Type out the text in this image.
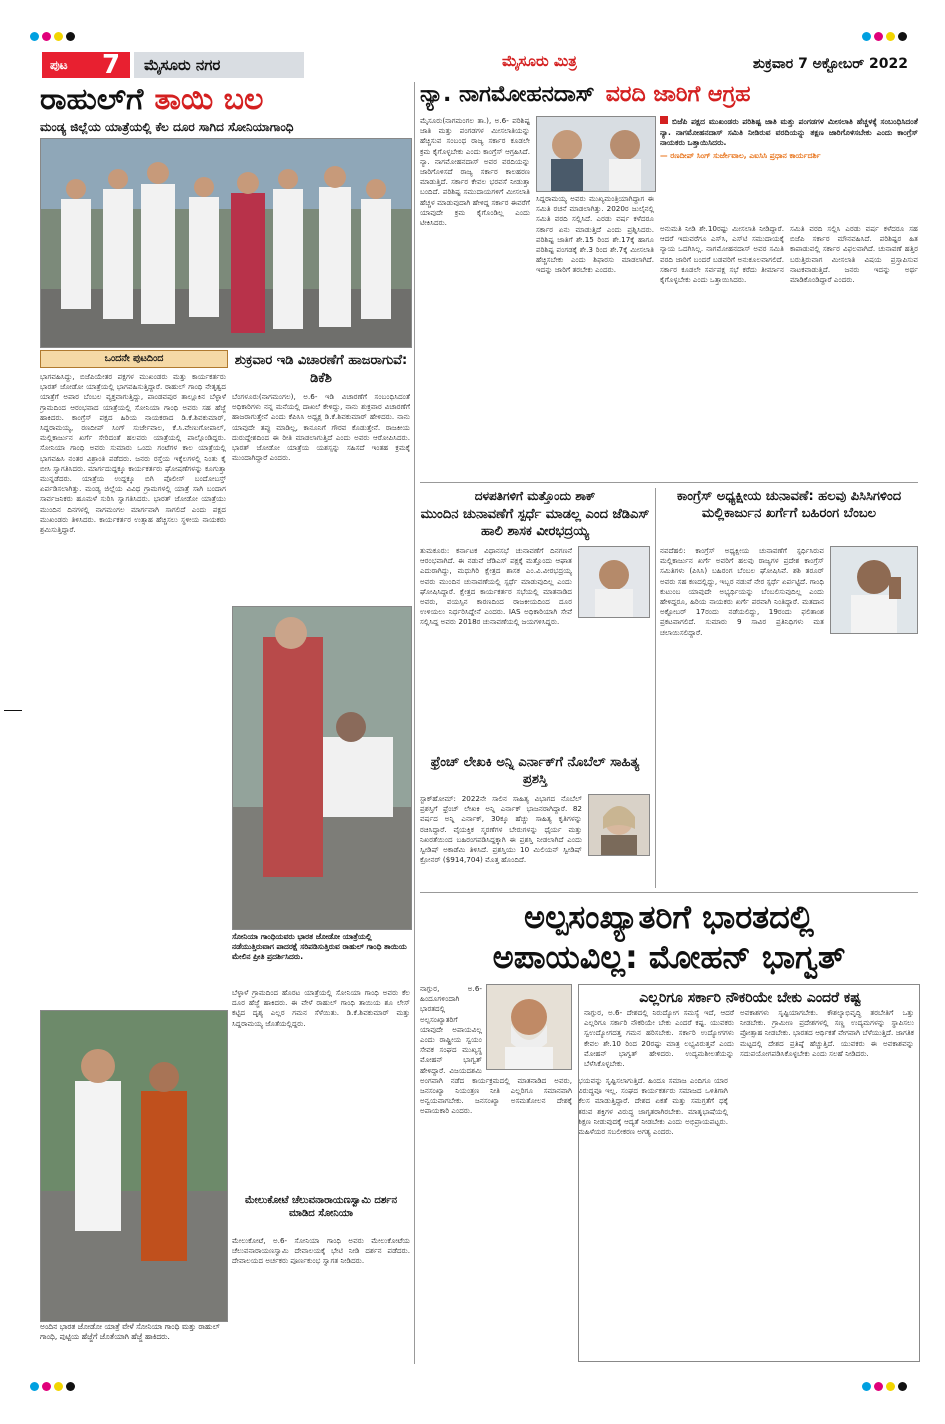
ಪುಟ 7 ಮೈಸೂರು ನಗರ	ಮೈಸೂರು ಮಿತ್ರ	ಶುಕ್ರವಾರ 7 ಅಕ್ಟೋಬರ್ 2022
ರಾಹುಲ್‌ಗೆ ತಾಯಿ ಬಲ
ಮಂಡ್ಯ ಜಿಲ್ಲೆಯ ಯಾತ್ರೆಯಲ್ಲಿ ಕೆಲ ದೂರ ಸಾಗಿದ ಸೋನಿಯಾಗಾಂಧಿ
ಒಂದನೇ ಪುಟದಿಂದ
ಭಾಗವಹಿಸಿದ್ದು, ಬಿಜೆಪಿಯೇತರ ಪಕ್ಷಗಳ ಮುಖಂಡರು ಮತ್ತು ಕಾರ್ಯಕರ್ತರು ಭಾರತ್ ಜೋಡೋ ಯಾತ್ರೆಯಲ್ಲಿ ಭಾಗವಹಿಸುತ್ತಿದ್ದಾರೆ. ರಾಹುಲ್ ಗಾಂಧಿ ನೇತೃತ್ವದ ಯಾತ್ರೆಗೆ ಅಪಾರ ಬೆಂಬಲ ವ್ಯಕ್ತವಾಗುತ್ತಿದ್ದು, ಪಾಂಡವಪುರ ತಾಲ್ಲೂಕಿನ ಬೆಳ್ಳಾಳೆ ಗ್ರಾಮದಿಂದ ಆರಂಭವಾದ ಯಾತ್ರೆಯಲ್ಲಿ ಸೋನಿಯಾ ಗಾಂಧಿ ಅವರು ಸಹ ಹೆಜ್ಜೆ ಹಾಕಿದರು. ಕಾಂಗ್ರೆಸ್ ಪಕ್ಷದ ಹಿರಿಯ ನಾಯಕರಾದ ಡಿ.ಕೆ.ಶಿವಕುಮಾರ್, ಸಿದ್ದರಾಮಯ್ಯ, ರಣದೀಪ್ ಸಿಂಗ್ ಸುರ್ಜೇವಾಲ, ಕೆ.ಸಿ.ವೇಣುಗೋಪಾಲ್, ಮಲ್ಲಿಕಾರ್ಜುನ ಖರ್ಗೆ ಸೇರಿದಂತೆ ಹಲವರು ಯಾತ್ರೆಯಲ್ಲಿ ಪಾಲ್ಗೊಂಡಿದ್ದರು. ಸೋನಿಯಾ ಗಾಂಧಿ ಅವರು ಸುಮಾರು ಒಂದು ಗಂಟೆಗಳ ಕಾಲ ಯಾತ್ರೆಯಲ್ಲಿ ಭಾಗವಹಿಸಿ ನಂತರ ವಿಶ್ರಾಂತಿ ಪಡೆದರು. ಜನರು ರಸ್ತೆಯ ಇಕ್ಕೆಲಗಳಲ್ಲಿ ನಿಂತು ಕೈ ಬೀಸಿ ಸ್ವಾಗತಿಸಿದರು. ಮಾರ್ಗದುದ್ದಕ್ಕೂ ಕಾರ್ಯಕರ್ತರು ಘೋಷಣೆಗಳನ್ನು ಕೂಗುತ್ತಾ ಮುನ್ನಡೆದರು. ಯಾತ್ರೆಯ ಉದ್ದಕ್ಕೂ ಬಿಗಿ ಪೊಲೀಸ್ ಬಂದೋಬಸ್ತ್ ಏರ್ಪಡಿಸಲಾಗಿತ್ತು. ಮಂಡ್ಯ ಜಿಲ್ಲೆಯ ವಿವಿಧ ಗ್ರಾಮಗಳಲ್ಲಿ ಯಾತ್ರೆ ಸಾಗಿ ಬಂದಾಗ ಸಾರ್ವಜನಿಕರು ಹೂಮಳೆ ಸುರಿಸಿ ಸ್ವಾಗತಿಸಿದರು. ಭಾರತ್ ಜೋಡೋ ಯಾತ್ರೆಯು ಮುಂದಿನ ದಿನಗಳಲ್ಲಿ ನಾಗಮಂಗಲ ಮಾರ್ಗವಾಗಿ ಸಾಗಲಿದೆ ಎಂದು ಪಕ್ಷದ ಮುಖಂಡರು ತಿಳಿಸಿದರು. ಕಾರ್ಯಕರ್ತರ ಉತ್ಸಾಹ ಹೆಚ್ಚಿಸಲು ಸ್ಥಳೀಯ ನಾಯಕರು ಶ್ರಮಿಸುತ್ತಿದ್ದಾರೆ.
ಅಂದಿನ ಭಾರತ ಜೋಡೋ ಯಾತ್ರೆ ವೇಳೆ ಸೋನಿಯಾ ಗಾಂಧಿ ಮತ್ತು ರಾಹುಲ್ ಗಾಂಧಿ, ಪುಟ್ಟಿಯ ಹೆಜ್ಜೆಗೆ ಜೊತೆಯಾಗಿ ಹೆಜ್ಜೆ ಹಾಕಿದರು.
ಶುಕ್ರವಾರ ಇಡಿ ವಿಚಾರಣೆಗೆ ಹಾಜರಾಗುವೆ: ಡಿಕೆಶಿ
ಬೆಂಗಳೂರು(ನಾಗಮಂಗಲ), ಅ.6- ಇಡಿ ವಿಚಾರಣೆಗೆ ಸಂಬಂಧಿಸಿದಂತೆ ಅಧಿಕಾರಿಗಳು ನನ್ನ ಮನೆಯಲ್ಲಿ ದಾಖಲೆ ಕೇಳಿದ್ದು, ನಾನು ಶುಕ್ರವಾರ ವಿಚಾರಣೆಗೆ ಹಾಜರಾಗುತ್ತೇನೆ ಎಂದು ಕೆಪಿಸಿಸಿ ಅಧ್ಯಕ್ಷ ಡಿ.ಕೆ.ಶಿವಕುಮಾರ್ ಹೇಳಿದರು. ನಾನು ಯಾವುದೇ ತಪ್ಪು ಮಾಡಿಲ್ಲ, ಕಾನೂನಿಗೆ ಗೌರವ ಕೊಡುತ್ತೇನೆ. ರಾಜಕೀಯ ದುರುದ್ದೇಶದಿಂದ ಈ ರೀತಿ ಮಾಡಲಾಗುತ್ತಿದೆ ಎಂದು ಅವರು ಆರೋಪಿಸಿದರು. ಭಾರತ್ ಜೋಡೋ ಯಾತ್ರೆಯ ಯಶಸ್ಸನ್ನು ಸಹಿಸದೆ ಇಂತಹ ಕ್ರಮಕ್ಕೆ ಮುಂದಾಗಿದ್ದಾರೆ ಎಂದರು.
ಸೋನಿಯಾ ಗಾಂಧಿಯವರು ಭಾರತ ಜೋಡೋ ಯಾತ್ರೆಯಲ್ಲಿ ನಡೆಯುತ್ತಿರುವಾಗ ಪಾದರಕ್ಷೆ ಸರಿಪಡಿಸುತ್ತಿರುವ ರಾಹುಲ್ ಗಾಂಧಿ ತಾಯಿಯ ಮೇಲಿನ ಪ್ರೀತಿ ಪ್ರದರ್ಶಿಸಿದರು.
ಬೆಳ್ಳಾಳೆ ಗ್ರಾಮದಿಂದ ಹೊರಟ ಯಾತ್ರೆಯಲ್ಲಿ ಸೋನಿಯಾ ಗಾಂಧಿ ಅವರು ಕೆಲ ದೂರ ಹೆಜ್ಜೆ ಹಾಕಿದರು. ಈ ವೇಳೆ ರಾಹುಲ್ ಗಾಂಧಿ ತಾಯಿಯ ಶೂ ಲೇಸ್ ಕಟ್ಟಿದ ದೃಶ್ಯ ಎಲ್ಲರ ಗಮನ ಸೆಳೆಯಿತು. ಡಿ.ಕೆ.ಶಿವಕುಮಾರ್ ಮತ್ತು ಸಿದ್ದರಾಮಯ್ಯ ಜೊತೆಯಲ್ಲಿದ್ದರು.
ಮೇಲುಕೋಟೆ ಚೆಲುವನಾರಾಯಣಸ್ವಾಮಿ ದರ್ಶನ ಮಾಡಿದ ಸೋನಿಯಾ
ಮೇಲುಕೋಟೆ, ಅ.6- ಸೋನಿಯಾ ಗಾಂಧಿ ಅವರು ಮೇಲುಕೋಟೆಯ ಚೆಲುವನಾರಾಯಣಸ್ವಾಮಿ ದೇವಾಲಯಕ್ಕೆ ಭೇಟಿ ನೀಡಿ ದರ್ಶನ ಪಡೆದರು. ದೇವಾಲಯದ ಅರ್ಚಕರು ಪೂರ್ಣಕುಂಭ ಸ್ವಾಗತ ನೀಡಿದರು.
ನ್ಯಾ. ನಾಗಮೋಹನದಾಸ್ ವರದಿ ಜಾರಿಗೆ ಆಗ್ರಹ
ಮೈಸೂರು(ನಾಗಮಂಗಲ ತಾ.), ಅ.6- ಪರಿಶಿಷ್ಟ ಜಾತಿ ಮತ್ತು ಪಂಗಡಗಳ ಮೀಸಲಾತಿಯನ್ನು ಹೆಚ್ಚಿಸುವ ಸಂಬಂಧ ರಾಜ್ಯ ಸರ್ಕಾರ ಕೂಡಲೇ ಕ್ರಮ ಕೈಗೊಳ್ಳಬೇಕು ಎಂದು ಕಾಂಗ್ರೆಸ್ ಆಗ್ರಹಿಸಿದೆ. ನ್ಯಾ. ನಾಗಮೋಹನದಾಸ್ ಅವರ ವರದಿಯನ್ನು ಜಾರಿಗೊಳಿಸದೆ ರಾಜ್ಯ ಸರ್ಕಾರ ಕಾಲಹರಣ ಮಾಡುತ್ತಿದೆ. ಸರ್ಕಾರ ಕೇವಲ ಭರವಸೆ ನೀಡುತ್ತಾ ಬಂದಿದೆ. ಪರಿಶಿಷ್ಟ ಸಮುದಾಯಗಳಿಗೆ ಮೀಸಲಾತಿ ಹೆಚ್ಚಳ ಮಾಡುವುದಾಗಿ ಹೇಳಿದ್ದ ಸರ್ಕಾರ ಈವರೆಗೆ ಯಾವುದೇ ಕ್ರಮ ಕೈಗೊಂಡಿಲ್ಲ ಎಂದು ಟೀಕಿಸಿದರು.
ಸಿದ್ದರಾಮಯ್ಯ ಅವರು ಮುಖ್ಯಮಂತ್ರಿಯಾಗಿದ್ದಾಗ ಈ ಸಮಿತಿ ರಚನೆ ಮಾಡಲಾಗಿತ್ತು. 2020ರ ಜುಲೈನಲ್ಲಿ ಸಮಿತಿ ವರದಿ ಸಲ್ಲಿಸಿದೆ. ಎರಡು ವರ್ಷ ಕಳೆದರೂ ಸರ್ಕಾರ ಏನು ಮಾಡುತ್ತಿದೆ ಎಂದು ಪ್ರಶ್ನಿಸಿದರು. ಪರಿಶಿಷ್ಟ ಜಾತಿಗೆ ಶೇ.15 ರಿಂದ ಶೇ.17ಕ್ಕೆ ಹಾಗೂ ಪರಿಶಿಷ್ಟ ಪಂಗಡಕ್ಕೆ ಶೇ.3 ರಿಂದ ಶೇ.7ಕ್ಕೆ ಮೀಸಲಾತಿ ಹೆಚ್ಚಿಸಬೇಕು ಎಂದು ಶಿಫಾರಸು ಮಾಡಲಾಗಿದೆ. ಇದನ್ನು ಜಾರಿಗೆ ತರಬೇಕು ಎಂದರು.
ಬಿಜೆಪಿ ಪಕ್ಷದ ಮುಖಂಡರು ಪರಿಶಿಷ್ಟ ಜಾತಿ ಮತ್ತು ಪಂಗಡಗಳ ಮೀಸಲಾತಿ ಹೆಚ್ಚಳಕ್ಕೆ ಸಂಬಂಧಿಸಿದಂತೆ ನ್ಯಾ. ನಾಗಮೋಹನದಾಸ್ ಸಮಿತಿ ನೀಡಿರುವ ವರದಿಯನ್ನು ತಕ್ಷಣ ಜಾರಿಗೊಳಿಸಬೇಕು ಎಂದು ಕಾಂಗ್ರೆಸ್ ನಾಯಕರು ಒತ್ತಾಯಿಸಿದರು.
— ರಣದೀಪ್ ಸಿಂಗ್ ಸುರ್ಜೇವಾಲ, ಎಐಸಿಸಿ ಪ್ರಧಾನ ಕಾರ್ಯದರ್ಶಿ
ಅನುಮತಿ ನೀಡಿ ಶೇ.10ರಷ್ಟು ಮೀಸಲಾತಿ ನೀಡಿದ್ದಾರೆ. ಆದರೆ ಇದುವರೆಗೂ ಎಸ್‌ಸಿ, ಎಸ್‌ಟಿ ಸಮುದಾಯಕ್ಕೆ ನ್ಯಾಯ ಒದಗಿಸಿಲ್ಲ. ನಾಗಮೋಹನದಾಸ್ ಅವರ ಸಮಿತಿ ವರದಿ ಜಾರಿಗೆ ಬಂದರೆ ಬಡವರಿಗೆ ಅನುಕೂಲವಾಗಲಿದೆ. ಸರ್ಕಾರ ಕೂಡಲೇ ಸರ್ವಪಕ್ಷ ಸಭೆ ಕರೆದು ತೀರ್ಮಾನ ಕೈಗೊಳ್ಳಬೇಕು ಎಂದು ಒತ್ತಾಯಿಸಿದರು.
ಸಮಿತಿ ವರದಿ ಸಲ್ಲಿಸಿ ಎರಡು ವರ್ಷ ಕಳೆದರೂ ಸಹ ಬಿಜೆಪಿ ಸರ್ಕಾರ ಮೌನವಹಿಸಿದೆ. ಪರಿಶಿಷ್ಟರ ಹಿತ ಕಾಪಾಡುವಲ್ಲಿ ಸರ್ಕಾರ ವಿಫಲವಾಗಿದೆ. ಚುನಾವಣೆ ಹತ್ತಿರ ಬರುತ್ತಿರುವಾಗ ಮೀಸಲಾತಿ ವಿಷಯ ಪ್ರಸ್ತಾಪಿಸುವ ನಾಟಕವಾಡುತ್ತಿದೆ. ಜನರು ಇದನ್ನು ಅರ್ಥ ಮಾಡಿಕೊಂಡಿದ್ದಾರೆ ಎಂದರು.
ದಳಪತಿಗಳಿಗೆ ಮತ್ತೊಂದು ಶಾಕ್
ಮುಂದಿನ ಚುನಾವಣೆಗೆ ಸ್ಪರ್ಧೆ ಮಾಡಲ್ಲ ಎಂದ ಜೆಡಿಎಸ್ ಹಾಲಿ ಶಾಸಕ ವೀರಭದ್ರಯ್ಯ
ತುಮಕೂರು: ಕರ್ನಾಟಕ ವಿಧಾನಸಭೆ ಚುನಾವಣೆಗೆ ದಿನಗಣನೆ ಆರಂಭವಾಗಿದೆ. ಈ ನಡುವೆ ಜೆಡಿಎಸ್ ಪಕ್ಷಕ್ಕೆ ಮತ್ತೊಂದು ಆಘಾತ ಎದುರಾಗಿದ್ದು, ಮಧುಗಿರಿ ಕ್ಷೇತ್ರದ ಶಾಸಕ ಎಂ.ವಿ.ವೀರಭದ್ರಯ್ಯ ಅವರು ಮುಂದಿನ ಚುನಾವಣೆಯಲ್ಲಿ ಸ್ಪರ್ಧೆ ಮಾಡುವುದಿಲ್ಲ ಎಂದು ಘೋಷಿಸಿದ್ದಾರೆ. ಕ್ಷೇತ್ರದ ಕಾರ್ಯಕರ್ತರ ಸಭೆಯಲ್ಲಿ ಮಾತನಾಡಿದ ಅವರು, ವಯಸ್ಸಿನ ಕಾರಣದಿಂದ ರಾಜಕೀಯದಿಂದ ದೂರ ಉಳಿಯಲು ನಿರ್ಧರಿಸಿದ್ದೇನೆ ಎಂದರು. IAS ಅಧಿಕಾರಿಯಾಗಿ ಸೇವೆ ಸಲ್ಲಿಸಿದ್ದ ಅವರು 2018ರ ಚುನಾವಣೆಯಲ್ಲಿ ಜಯಗಳಿಸಿದ್ದರು.
ಫ್ರೆಂಚ್ ಲೇಖಕಿ ಅನ್ನಿ ಎರ್ನಾಕ್‌ಗೆ ನೊಬೆಲ್ ಸಾಹಿತ್ಯ ಪ್ರಶಸ್ತಿ
ಸ್ಟಾಕ್‌ಹೋಮ್: 2022ನೇ ಸಾಲಿನ ಸಾಹಿತ್ಯ ವಿಭಾಗದ ನೊಬೆಲ್ ಪ್ರಶಸ್ತಿಗೆ ಫ್ರೆಂಚ್ ಲೇಖಕಿ ಅನ್ನಿ ಎರ್ನಾಕ್ ಭಾಜನರಾಗಿದ್ದಾರೆ. 82 ವರ್ಷದ ಅನ್ನಿ ಎರ್ನಾಕ್, 30ಕ್ಕೂ ಹೆಚ್ಚು ಸಾಹಿತ್ಯ ಕೃತಿಗಳನ್ನು ರಚಿಸಿದ್ದಾರೆ. ವೈಯಕ್ತಿಕ ಸ್ಮರಣೆಗಳ ಬೇರುಗಳನ್ನು ಧೈರ್ಯ ಮತ್ತು ನಿಖರತೆಯಿಂದ ಬಹಿರಂಗಪಡಿಸಿದ್ದಕ್ಕಾಗಿ ಈ ಪ್ರಶಸ್ತಿ ನೀಡಲಾಗಿದೆ ಎಂದು ಸ್ವೀಡಿಷ್ ಅಕಾಡೆಮಿ ತಿಳಿಸಿದೆ. ಪ್ರಶಸ್ತಿಯು 10 ಮಿಲಿಯನ್ ಸ್ವೀಡಿಷ್ ಕ್ರೋನರ್ ($914,704) ಮೊತ್ತ ಹೊಂದಿದೆ.
ಕಾಂಗ್ರೆಸ್ ಅಧ್ಯಕ್ಷೀಯ ಚುನಾವಣೆ: ಹಲವು ಪಿಸಿಸಿಗಳಿಂದ ಮಲ್ಲಿಕಾರ್ಜುನ ಖರ್ಗೆಗೆ ಬಹಿರಂಗ ಬೆಂಬಲ
ನವದೆಹಲಿ: ಕಾಂಗ್ರೆಸ್ ಅಧ್ಯಕ್ಷೀಯ ಚುನಾವಣೆಗೆ ಸ್ಪರ್ಧಿಸಿರುವ ಮಲ್ಲಿಕಾರ್ಜುನ ಖರ್ಗೆ ಅವರಿಗೆ ಹಲವು ರಾಜ್ಯಗಳ ಪ್ರದೇಶ ಕಾಂಗ್ರೆಸ್ ಸಮಿತಿಗಳು (ಪಿಸಿಸಿ) ಬಹಿರಂಗ ಬೆಂಬಲ ಘೋಷಿಸಿವೆ. ಶಶಿ ತರೂರ್ ಅವರು ಸಹ ಕಣದಲ್ಲಿದ್ದು, ಇಬ್ಬರ ನಡುವೆ ನೇರ ಸ್ಪರ್ಧೆ ಏರ್ಪಟ್ಟಿದೆ. ಗಾಂಧಿ ಕುಟುಂಬ ಯಾವುದೇ ಅಭ್ಯರ್ಥಿಯನ್ನು ಬೆಂಬಲಿಸುವುದಿಲ್ಲ ಎಂದು ಹೇಳಿದ್ದರೂ, ಹಿರಿಯ ನಾಯಕರು ಖರ್ಗೆ ಪರವಾಗಿ ನಿಂತಿದ್ದಾರೆ. ಮತದಾನ ಅಕ್ಟೋಬರ್ 17ರಂದು ನಡೆಯಲಿದ್ದು, 19ರಂದು ಫಲಿತಾಂಶ ಪ್ರಕಟವಾಗಲಿದೆ. ಸುಮಾರು 9 ಸಾವಿರ ಪ್ರತಿನಿಧಿಗಳು ಮತ ಚಲಾಯಿಸಲಿದ್ದಾರೆ.
ಅಲ್ಪಸಂಖ್ಯಾತರಿಗೆ ಭಾರತದಲ್ಲಿ
ಅಪಾಯವಿಲ್ಲ: ಮೋಹನ್ ಭಾಗ್ವತ್
ನಾಗ್ಪುರ, ಅ.6- ಹಿಂದೂಗಳಿಂದಾಗಿ ಭಾರತದಲ್ಲಿ ಅಲ್ಪಸಂಖ್ಯಾತರಿಗೆ ಯಾವುದೇ ಅಪಾಯವಿಲ್ಲ ಎಂದು ರಾಷ್ಟ್ರೀಯ ಸ್ವಯಂ ಸೇವಕ ಸಂಘದ ಮುಖ್ಯಸ್ಥ ಮೋಹನ್ ಭಾಗ್ವತ್ ಹೇಳಿದ್ದಾರೆ. ವಿಜಯದಶಮಿ ಅಂಗವಾಗಿ ನಡೆದ ಕಾರ್ಯಕ್ರಮದಲ್ಲಿ ಮಾತನಾಡಿದ ಅವರು, ಜನಸಂಖ್ಯಾ ನಿಯಂತ್ರಣ ನೀತಿ ಎಲ್ಲರಿಗೂ ಸಮಾನವಾಗಿ ಅನ್ವಯವಾಗಬೇಕು. ಜನಸಂಖ್ಯಾ ಅಸಮತೋಲನ ದೇಶಕ್ಕೆ ಅಪಾಯಕಾರಿ ಎಂದರು.
ಭಯವನ್ನು ಸೃಷ್ಟಿಸಲಾಗುತ್ತಿದೆ. ಹಿಂದೂ ಸಮಾಜ ಎಂದಿಗೂ ಯಾರ ವಿರುದ್ಧವೂ ಇಲ್ಲ. ಸಂಘದ ಕಾರ್ಯಕರ್ತರು ಸಮಾಜದ ಒಳಿತಿಗಾಗಿ ಕೆಲಸ ಮಾಡುತ್ತಿದ್ದಾರೆ. ದೇಶದ ಏಕತೆ ಮತ್ತು ಸಮಗ್ರತೆಗೆ ಧಕ್ಕೆ ತರುವ ಶಕ್ತಿಗಳ ವಿರುದ್ಧ ಜಾಗೃತರಾಗಿರಬೇಕು. ಮಾತೃಭಾಷೆಯಲ್ಲಿ ಶಿಕ್ಷಣ ನೀಡುವುದಕ್ಕೆ ಆದ್ಯತೆ ನೀಡಬೇಕು ಎಂದು ಅಭಿಪ್ರಾಯಪಟ್ಟರು. ಮಹಿಳೆಯರ ಸಬಲೀಕರಣ ಅಗತ್ಯ ಎಂದರು.
ಎಲ್ಲರಿಗೂ ಸರ್ಕಾರಿ ನೌಕರಿಯೇ ಬೇಕು ಎಂದರೆ ಕಷ್ಟ
ನಾಗ್ಪುರ, ಅ.6- ದೇಶದಲ್ಲಿ ನಿರುದ್ಯೋಗ ಸಮಸ್ಯೆ ಇದೆ, ಆದರೆ ಎಲ್ಲರಿಗೂ ಸರ್ಕಾರಿ ನೌಕರಿಯೇ ಬೇಕು ಎಂದರೆ ಕಷ್ಟ. ಯುವಕರು ಸ್ವಉದ್ಯೋಗದತ್ತ ಗಮನ ಹರಿಸಬೇಕು. ಸರ್ಕಾರಿ ಉದ್ಯೋಗಗಳು ಕೇವಲ ಶೇ.10 ರಿಂದ 20ರಷ್ಟು ಮಾತ್ರ ಲಭ್ಯವಿರುತ್ತವೆ ಎಂದು ಮೋಹನ್ ಭಾಗ್ವತ್ ಹೇಳಿದರು. ಉದ್ಯಮಶೀಲತೆಯನ್ನು ಬೆಳೆಸಿಕೊಳ್ಳಬೇಕು.
ಅವಕಾಶಗಳು ಸೃಷ್ಟಿಯಾಗಬೇಕು. ಕೌಶಲ್ಯಾಭಿವೃದ್ಧಿ ತರಬೇತಿಗೆ ಒತ್ತು ನೀಡಬೇಕು. ಗ್ರಾಮೀಣ ಪ್ರದೇಶಗಳಲ್ಲಿ ಸಣ್ಣ ಉದ್ಯಮಗಳನ್ನು ಸ್ಥಾಪಿಸಲು ಪ್ರೋತ್ಸಾಹ ನೀಡಬೇಕು. ಭಾರತದ ಆರ್ಥಿಕತೆ ವೇಗವಾಗಿ ಬೆಳೆಯುತ್ತಿದೆ. ಜಾಗತಿಕ ಮಟ್ಟದಲ್ಲಿ ದೇಶದ ಪ್ರತಿಷ್ಠೆ ಹೆಚ್ಚುತ್ತಿದೆ. ಯುವಕರು ಈ ಅವಕಾಶವನ್ನು ಸದುಪಯೋಗಪಡಿಸಿಕೊಳ್ಳಬೇಕು ಎಂದು ಸಲಹೆ ನೀಡಿದರು.
